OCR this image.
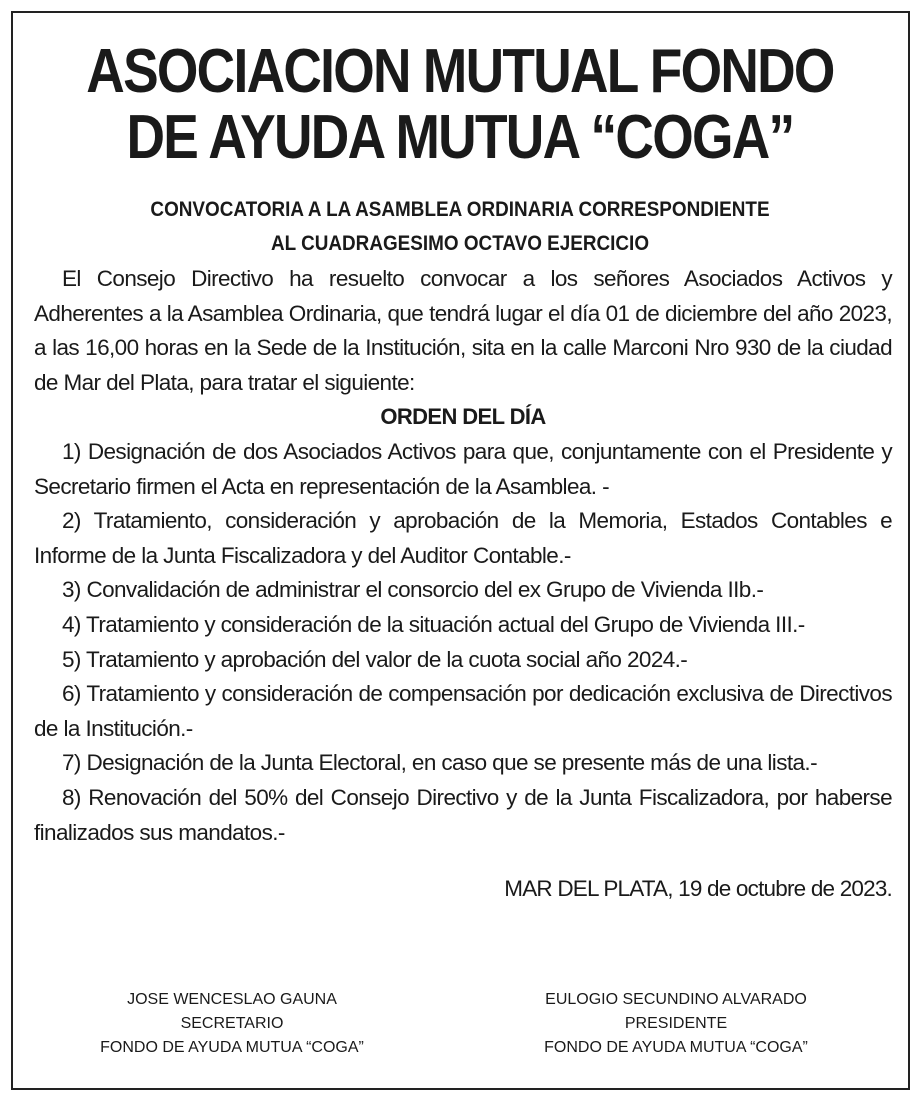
ASOCIACION MUTUAL FONDO
DE AYUDA MUTUA “COGA”
CONVOCATORIA A LA ASAMBLEA ORDINARIA CORRESPONDIENTE
AL CUADRAGESIMO OCTAVO EJERCICIO

El Consejo Directivo ha resuelto convocar a los señores Asociados Activos y Adherentes a la Asamblea Ordinaria, que tendrá lugar el día 01 de diciembre del año 2023, a las 16,00 horas en la Sede de la Institución, sita en la calle Marconi Nro 930 de la ciudad de Mar del Plata, para tratar el siguiente:

ORDEN DEL DÍA

1) Designación de dos Asociados Activos para que, conjuntamente con el Presidente y Secretario firmen el Acta en representación de la Asamblea. -

2) Tratamiento, consideración y aprobación de la Memoria, Estados Contables e Informe de la Junta Fiscalizadora y del Auditor Contable.-

3) Convalidación de administrar el consorcio del ex Grupo de Vivienda IIb.-

4) Tratamiento y consideración de la situación actual del Grupo de Vivienda III.-

5) Tratamiento y aprobación del valor de la cuota social año 2024.-

6) Tratamiento y consideración de compensación por dedicación exclusiva de Directivos de la Institución.-

7) Designación de la Junta Electoral, en caso que se presente más de una lista.-

8) Renovación del 50% del Consejo Directivo y de la Junta Fiscalizadora, por haberse finalizados sus mandatos.-

MAR DEL PLATA, 19 de octubre de 2023.
JOSE WENCESLAO GAUNA
SECRETARIO
FONDO DE AYUDA MUTUA “COGA”
EULOGIO SECUNDINO ALVARADO
PRESIDENTE
FONDO DE AYUDA MUTUA “COGA”
